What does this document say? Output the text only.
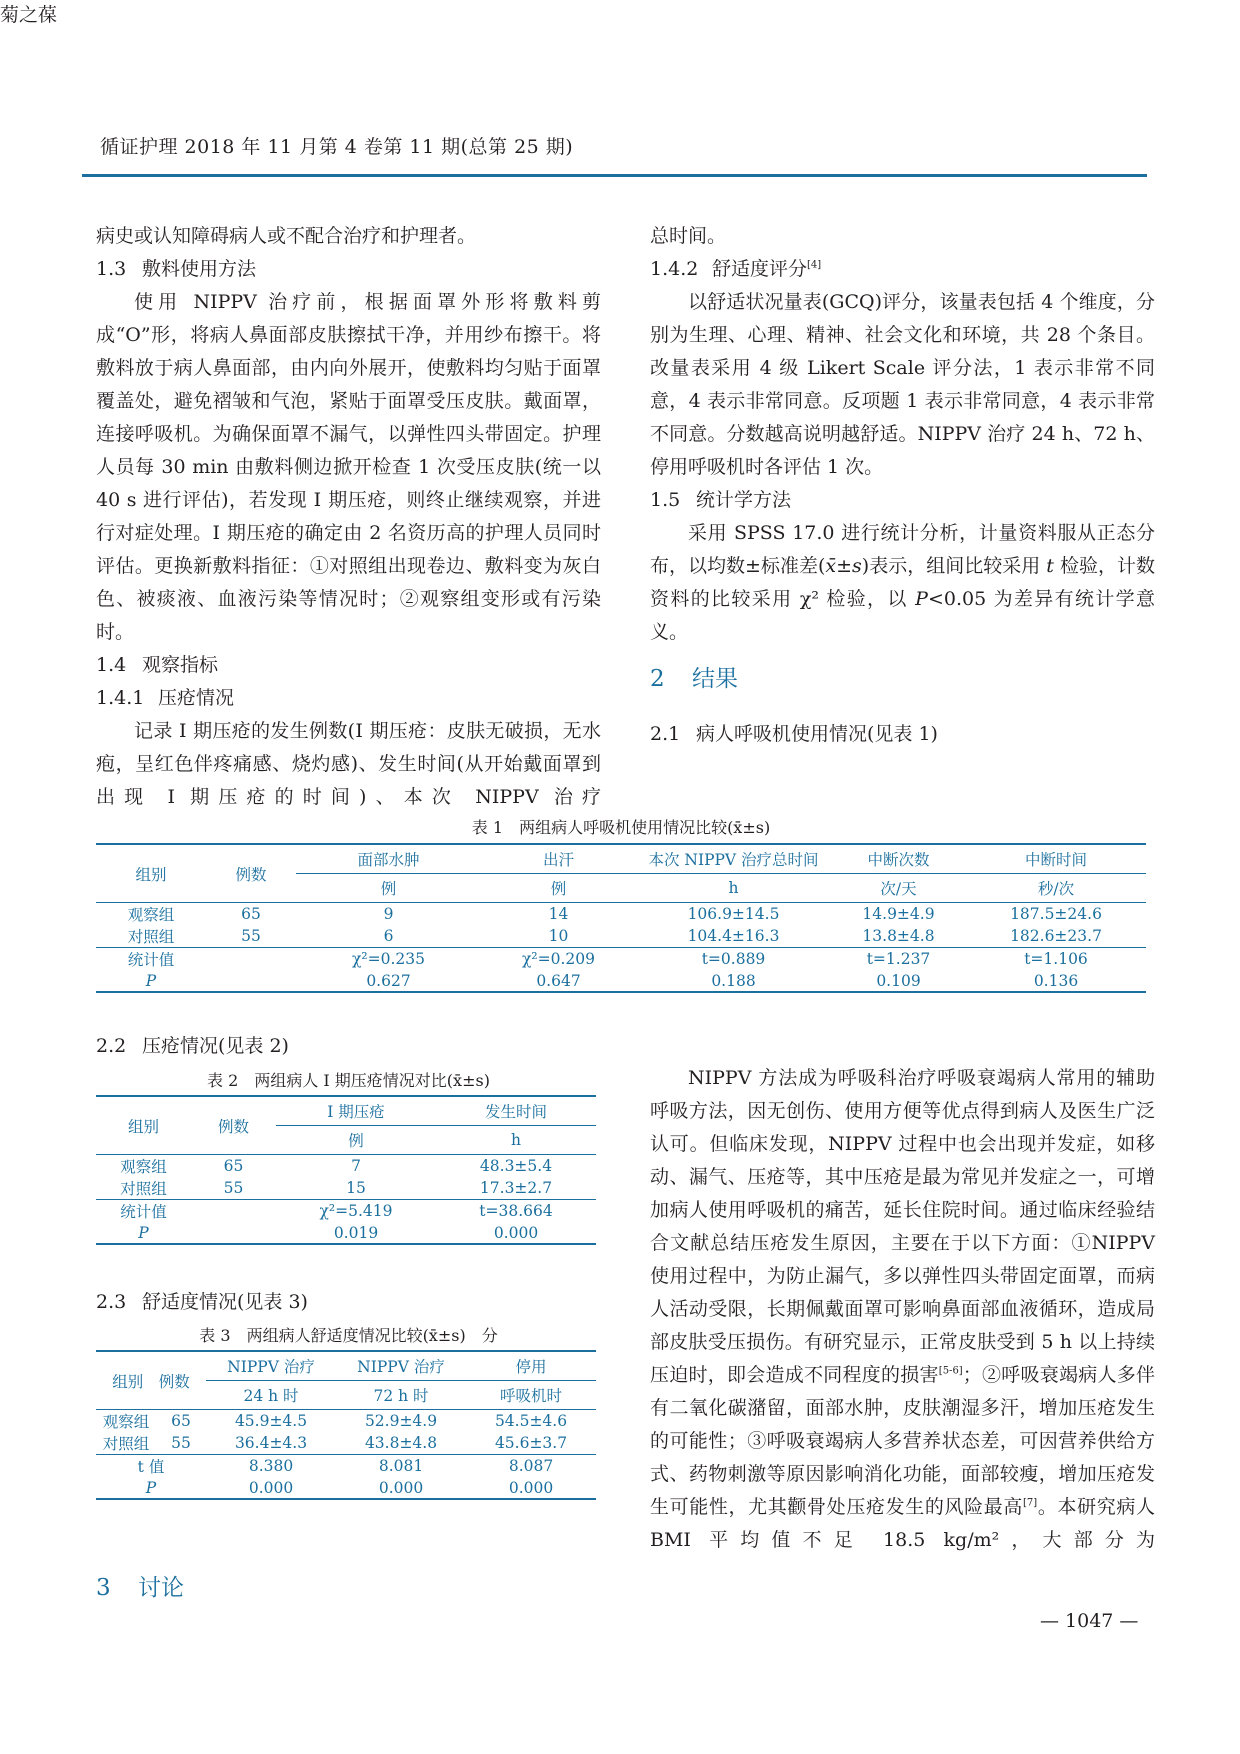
菊之葆
循证护理 2018 年 11 月第 4 卷第 11 期(总第 25 期)

病史或认知障碍病人或不配合治疗和护理者。

1.3 敷料使用方法

使用 NIPPV 治疗前，根据面罩外形将敷料剪成“O”形，将病人鼻面部皮肤擦拭干净，并用纱布擦干。将敷料放于病人鼻面部，由内向外展开，使敷料均匀贴于面罩覆盖处，避免褶皱和气泡，紧贴于面罩受压皮肤。戴面罩，连接呼吸机。为确保面罩不漏气，以弹性四头带固定。护理人员每 30 min 由敷料侧边掀开检查 1 次受压皮肤(统一以 40 s 进行评估)，若发现 Ⅰ 期压疮，则终止继续观察，并进行对症处理。Ⅰ 期压疮的确定由 2 名资历高的护理人员同时评估。更换新敷料指征：①对照组出现卷边、敷料变为灰白色、被痰液、血液污染等情况时；②观察组变形或有污染时。

1.4 观察指标
1.4.1 压疮情况

记录 Ⅰ 期压疮的发生例数(Ⅰ 期压疮：皮肤无破损，无水疱，呈红色伴疼痛感、烧灼感)、发生时间(从开始戴面罩到出现 I 期压疮的时间)、本次 NIPPV 治疗

总时间。

1.4.2 舒适度评分[4]

以舒适状况量表(GCQ)评分，该量表包括 4 个维度，分别为生理、心理、精神、社会文化和环境，共 28 个条目。改量表采用 4 级 Likert Scale 评分法，1 表示非常不同意，4 表示非常同意。反项题 1 表示非常同意，4 表示非常不同意。分数越高说明越舒适。NIPPV 治疗 24 h、72 h、停用呼吸机时各评估 1 次。

1.5 统计学方法

采用 SPSS 17.0 进行统计分析，计量资料服从正态分布，以均数±标准差(x̄±s)表示，组间比较采用 t 检验，计数资料的比较采用 χ² 检验，以 P<0.05 为差异有统计学意义。

2 结果
2.1 病人呼吸机使用情况(见表 1)
表 1　两组病人呼吸机使用情况比较(x̄±s)
组别	例数	面部水肿	出汗	本次 NIPPV 治疗总时间	中断次数	中断时间
		例	例	h	次/天	秒/次
观察组	65	9	14	106.9±14.5	14.9±4.9	187.5±24.6
对照组	55	6	10	104.4±16.3	13.8±4.8	182.6±23.7
统计值		χ²=0.235	χ²=0.209	t=0.889	t=1.237	t=1.106
P		0.627	0.647	0.188	0.109	0.136
2.2 压疮情况(见表 2)
表 2　两组病人 Ⅰ 期压疮情况对比(x̄±s)
组别	例数	Ⅰ 期压疮	发生时间
		例	h
观察组	65	7	48.3±5.4
对照组	55	15	17.3±2.7
统计值		χ²=5.419	t=38.664
P		0.019	0.000
2.3 舒适度情况(见表 3)
表 3　两组病人舒适度情况比较(x̄±s)　分
组别　例数		NIPPV 治疗	NIPPV 治疗	停用
		24 h 时	72 h 时	呼吸机时
观察组	65	45.9±4.5	52.9±4.9	54.5±4.6
对照组	55	36.4±4.3	43.8±4.8	45.6±3.7
t 值		8.380	8.081	8.087
P		0.000	0.000	0.000
3 讨论

NIPPV 方法成为呼吸科治疗呼吸衰竭病人常用的辅助呼吸方法，因无创伤、使用方便等优点得到病人及医生广泛认可。但临床发现，NIPPV 过程中也会出现并发症，如移动、漏气、压疮等，其中压疮是最为常见并发症之一，可增加病人使用呼吸机的痛苦，延长住院时间。通过临床经验结合文献总结压疮发生原因，主要在于以下方面：①NIPPV 使用过程中，为防止漏气，多以弹性四头带固定面罩，而病人活动受限，长期佩戴面罩可影响鼻面部血液循环，造成局部皮肤受压损伤。有研究显示，正常皮肤受到 5 h 以上持续压迫时，即会造成不同程度的损害[5-6]；②呼吸衰竭病人多伴有二氧化碳潴留，面部水肿，皮肤潮湿多汗，增加压疮发生的可能性；③呼吸衰竭病人多营养状态差，可因营养供给方式、药物刺激等原因影响消化功能，面部较瘦，增加压疮发生可能性，尤其颧骨处压疮发生的风险最高[7]。本研究病人 BMI 平均值不足 18.5 kg/m²，大部分为

— 1047 —
